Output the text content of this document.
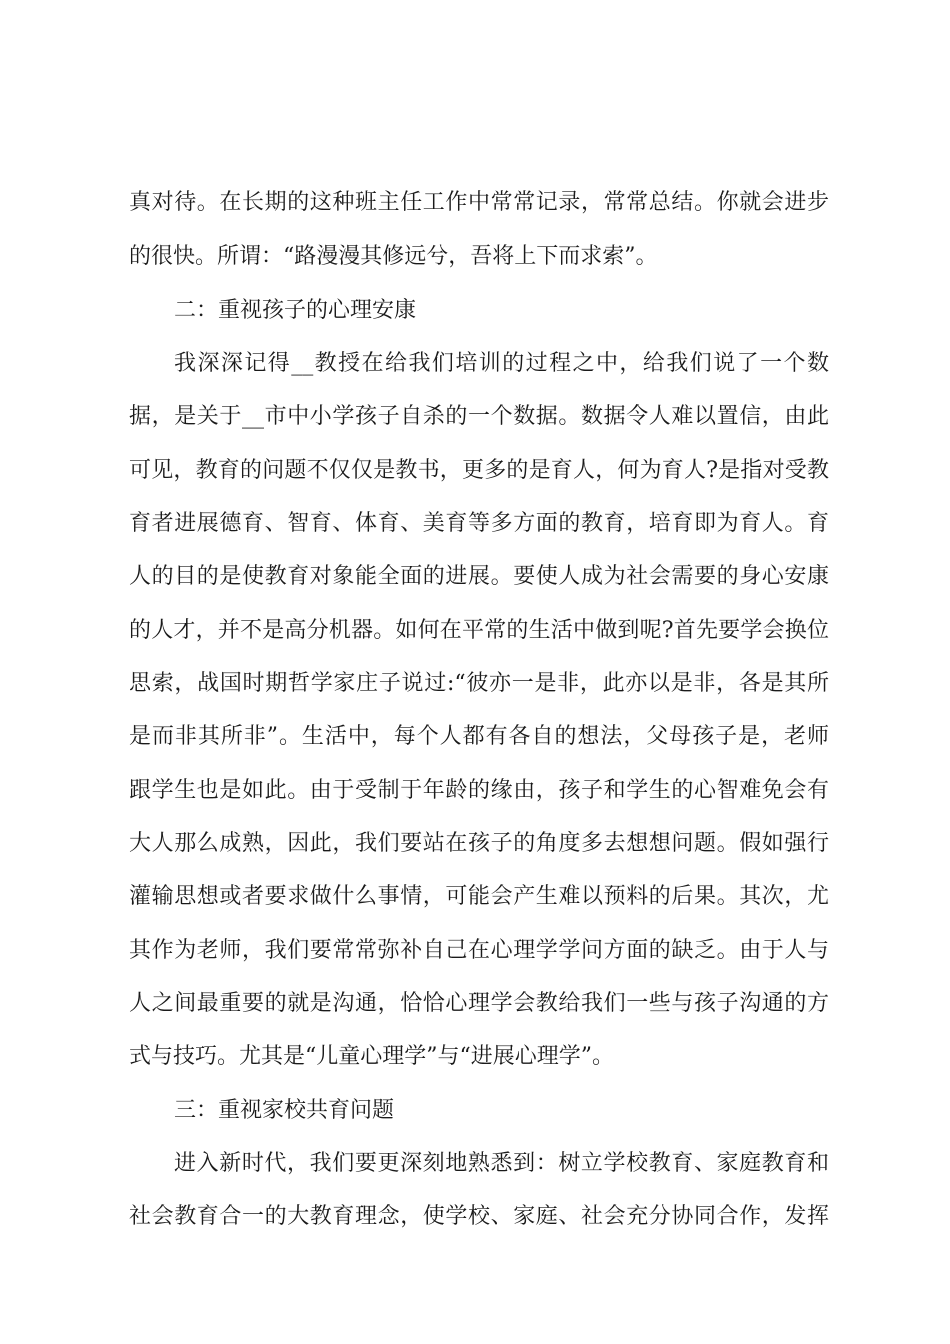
真对待。在长期的这种班主任工作中常常记录，常常总结。你就会进步
的很快。所谓：“路漫漫其修远兮，吾将上下而求索”。
二：重视孩子的心理安康
我深深记得__教授在给我们培训的过程之中，给我们说了一个数
据，是关于__市中小学孩子自杀的一个数据。数据令人难以置信，由此
可见，教育的问题不仅仅是教书，更多的是育人，何为育人?是指对受教
育者进展德育、智育、体育、美育等多方面的教育，培育即为育人。育
人的目的是使教育对象能全面的进展。要使人成为社会需要的身心安康
的人才，并不是高分机器。如何在平常的生活中做到呢?首先要学会换位
思索，战国时期哲学家庄子说过:“彼亦一是非，此亦以是非，各是其所
是而非其所非”。生活中，每个人都有各自的想法，父母孩子是，老师
跟学生也是如此。由于受制于年龄的缘由，孩子和学生的心智难免会有
大人那么成熟，因此，我们要站在孩子的角度多去想想问题。假如强行
灌输思想或者要求做什么事情，可能会产生难以预料的后果。其次，尤
其作为老师，我们要常常弥补自己在心理学学问方面的缺乏。由于人与
人之间最重要的就是沟通，恰恰心理学会教给我们一些与孩子沟通的方
式与技巧。尤其是“儿童心理学”与“进展心理学”。
三：重视家校共育问题
进入新时代，我们要更深刻地熟悉到：树立学校教育、家庭教育和
社会教育合一的大教育理念，使学校、家庭、社会充分协同合作，发挥
